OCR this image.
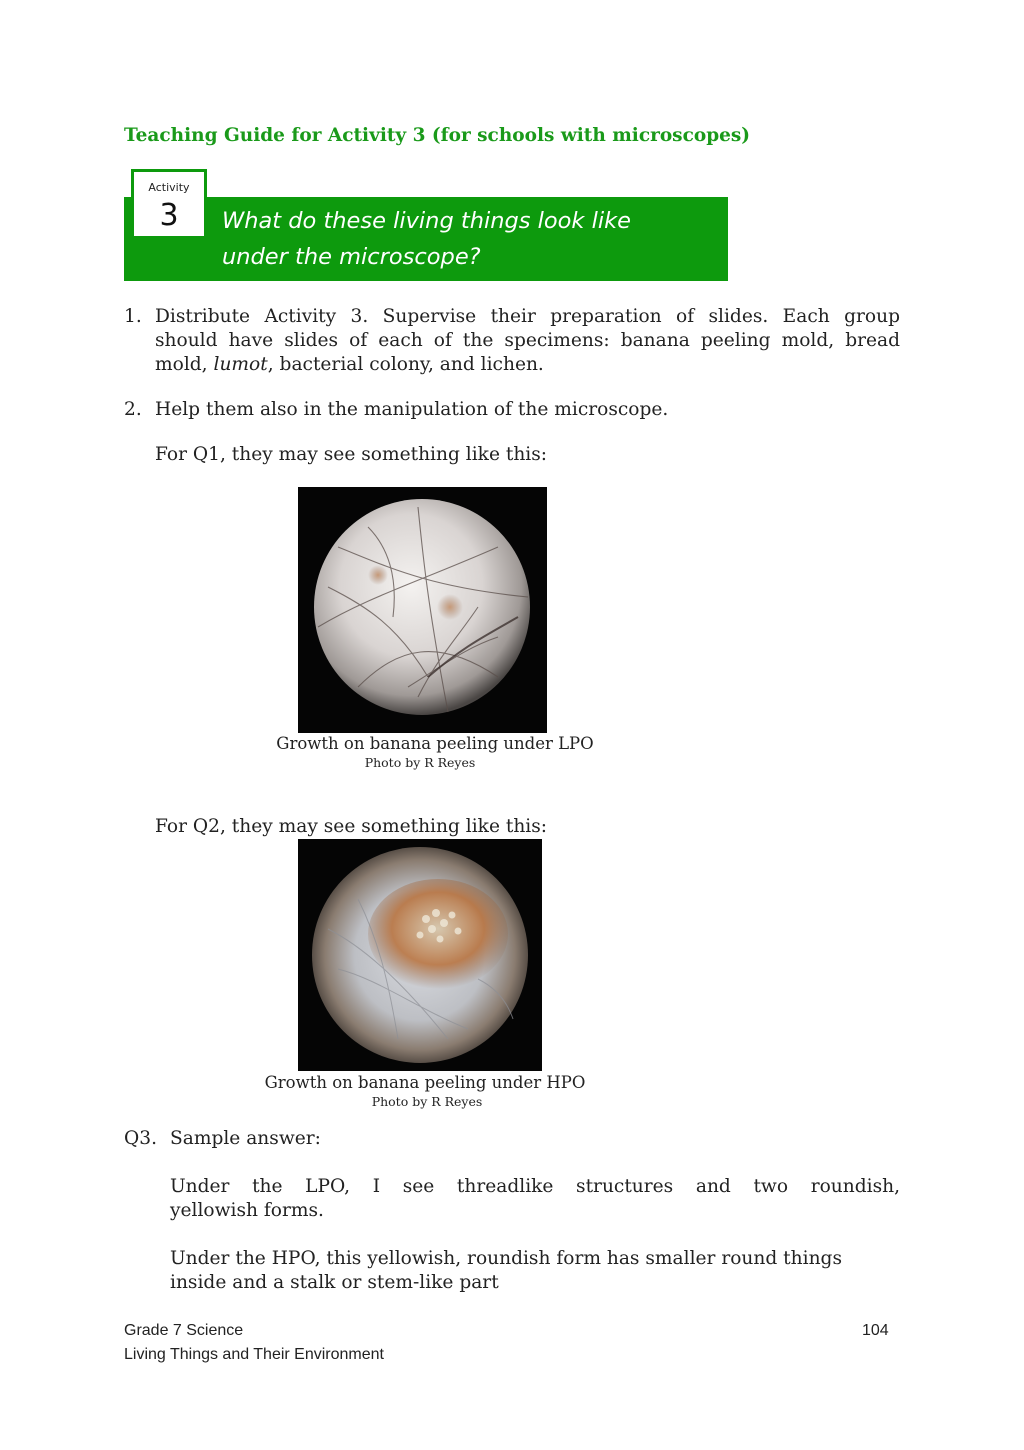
Teaching Guide for Activity 3 (for schools with microscopes)
Activity
3	What do these living things look like
under the microscope?
1. Distribute Activity 3. Supervise their preparation of slides. Each group
should have slides of each of the specimens: banana peeling mold, bread
mold, lumot, bacterial colony, and lichen.
2. Help them also in the manipulation of the microscope.
For Q1, they may see something like this:
Growth on banana peeling under LPO
Photo by R Reyes
For Q2, they may see something like this:
Growth on banana peeling under HPO
Photo by R Reyes
Q3. Sample answer:
Under the LPO, I see threadlike structures and two roundish,
yellowish forms.
Under the HPO, this yellowish, roundish form has smaller round things
inside and a stalk or stem-like part
Grade 7 Science
Living Things and Their Environment
104
